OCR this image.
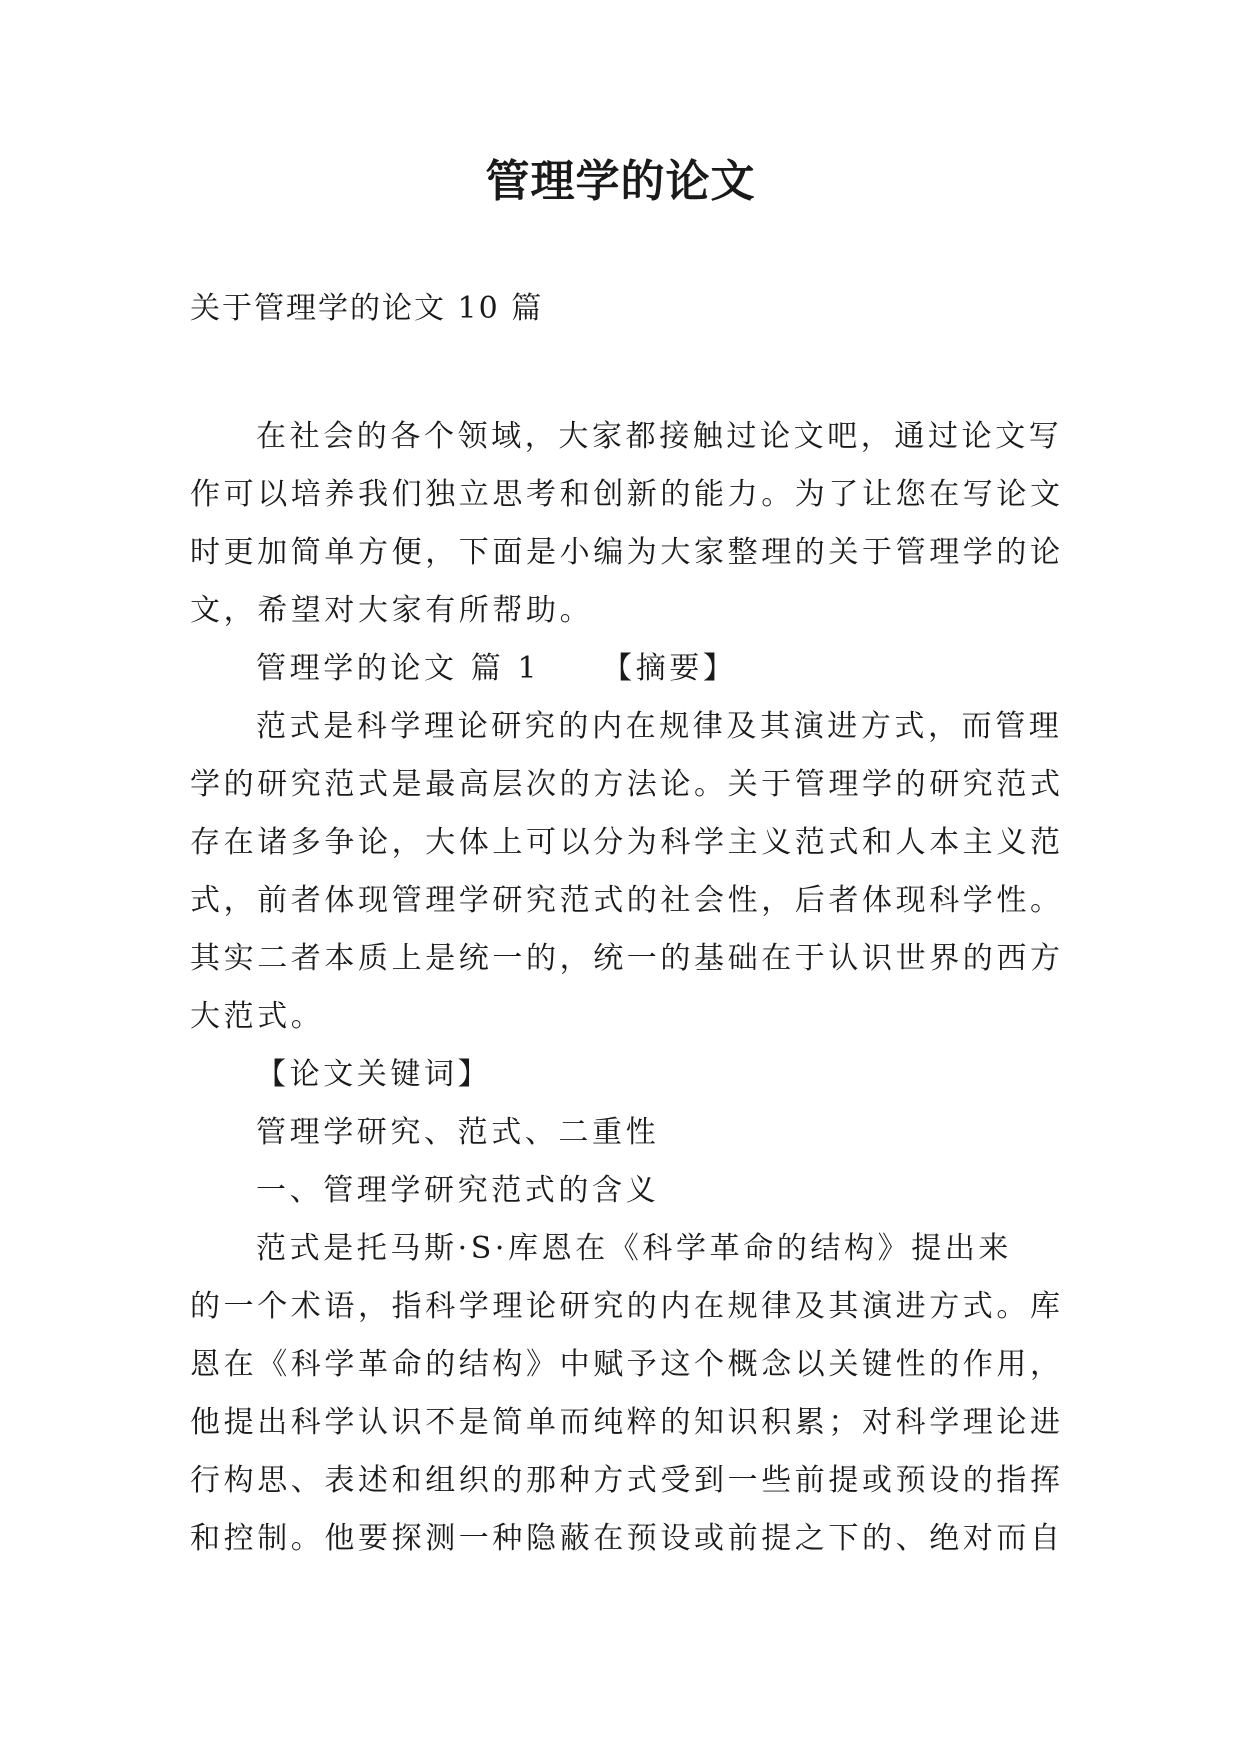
管理学的论文
关于管理学的论文 10 篇
在社会的各个领域，大家都接触过论文吧，通过论文写
作可以培养我们独立思考和创新的能力。为了让您在写论文
时更加简单方便，下面是小编为大家整理的关于管理学的论
文，希望对大家有所帮助。
管理学的论文 篇 1 【摘要】
范式是科学理论研究的内在规律及其演进方式，而管理
学的研究范式是最高层次的方法论。关于管理学的研究范式
存在诸多争论，大体上可以分为科学主义范式和人本主义范
式，前者体现管理学研究范式的社会性，后者体现科学性。
其实二者本质上是统一的，统一的基础在于认识世界的西方
大范式。
【论文关键词】
管理学研究、范式、二重性
一、管理学研究范式的含义
范式是托马斯·S·库恩在《科学革命的结构》提出来
的一个术语，指科学理论研究的内在规律及其演进方式。库
恩在《科学革命的结构》中赋予这个概念以关键性的作用，
他提出科学认识不是简单而纯粹的知识积累；对科学理论进
行构思、表述和组织的那种方式受到一些前提或预设的指挥
和控制。他要探测一种隐蔽在预设或前提之下的、绝对而自
